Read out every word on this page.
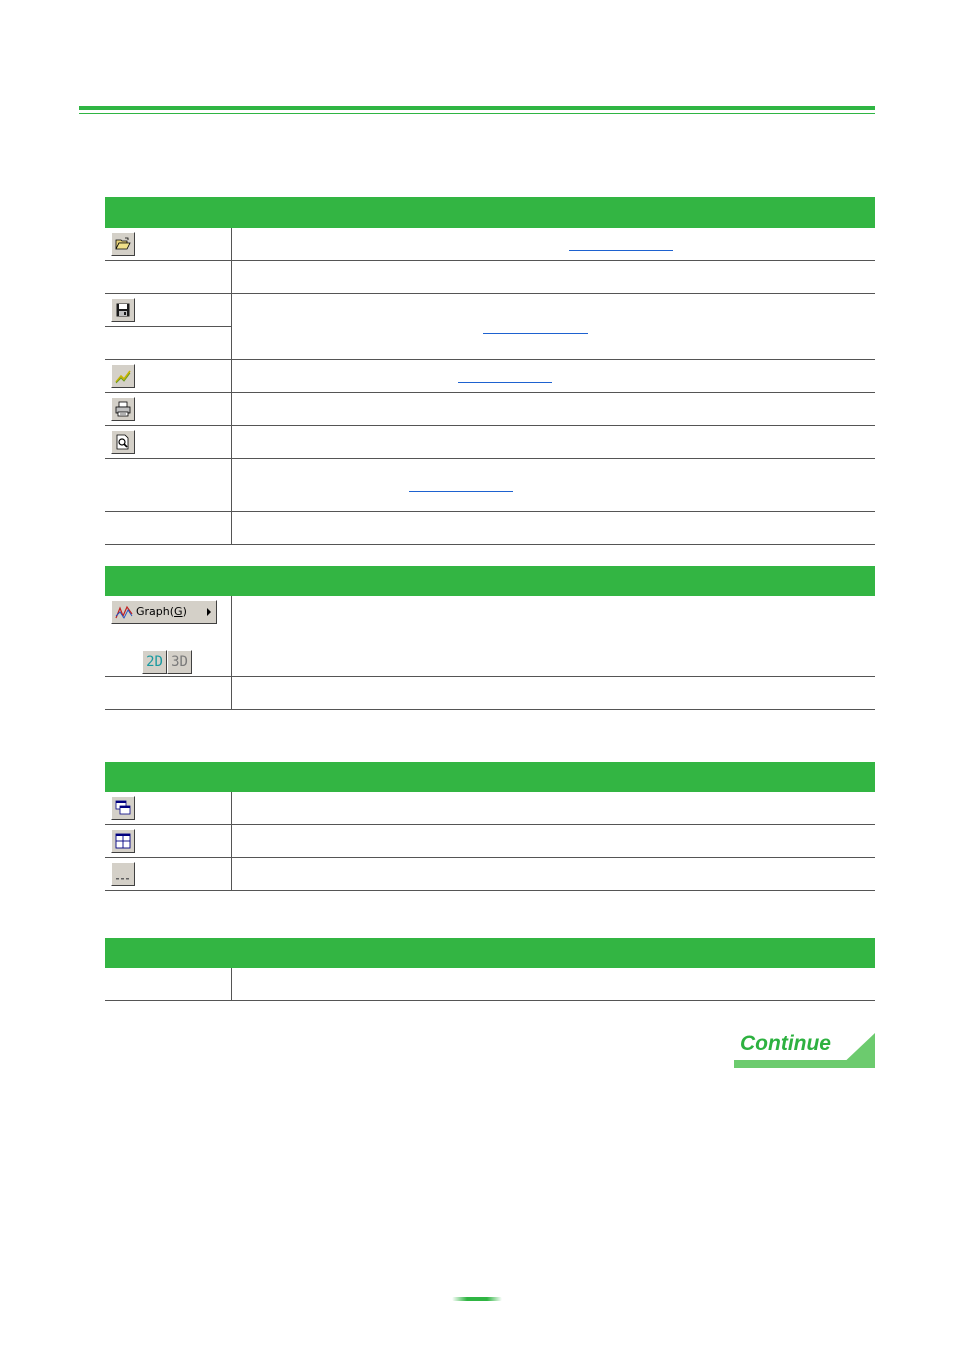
Graph(G)
2D 3D
Continue
